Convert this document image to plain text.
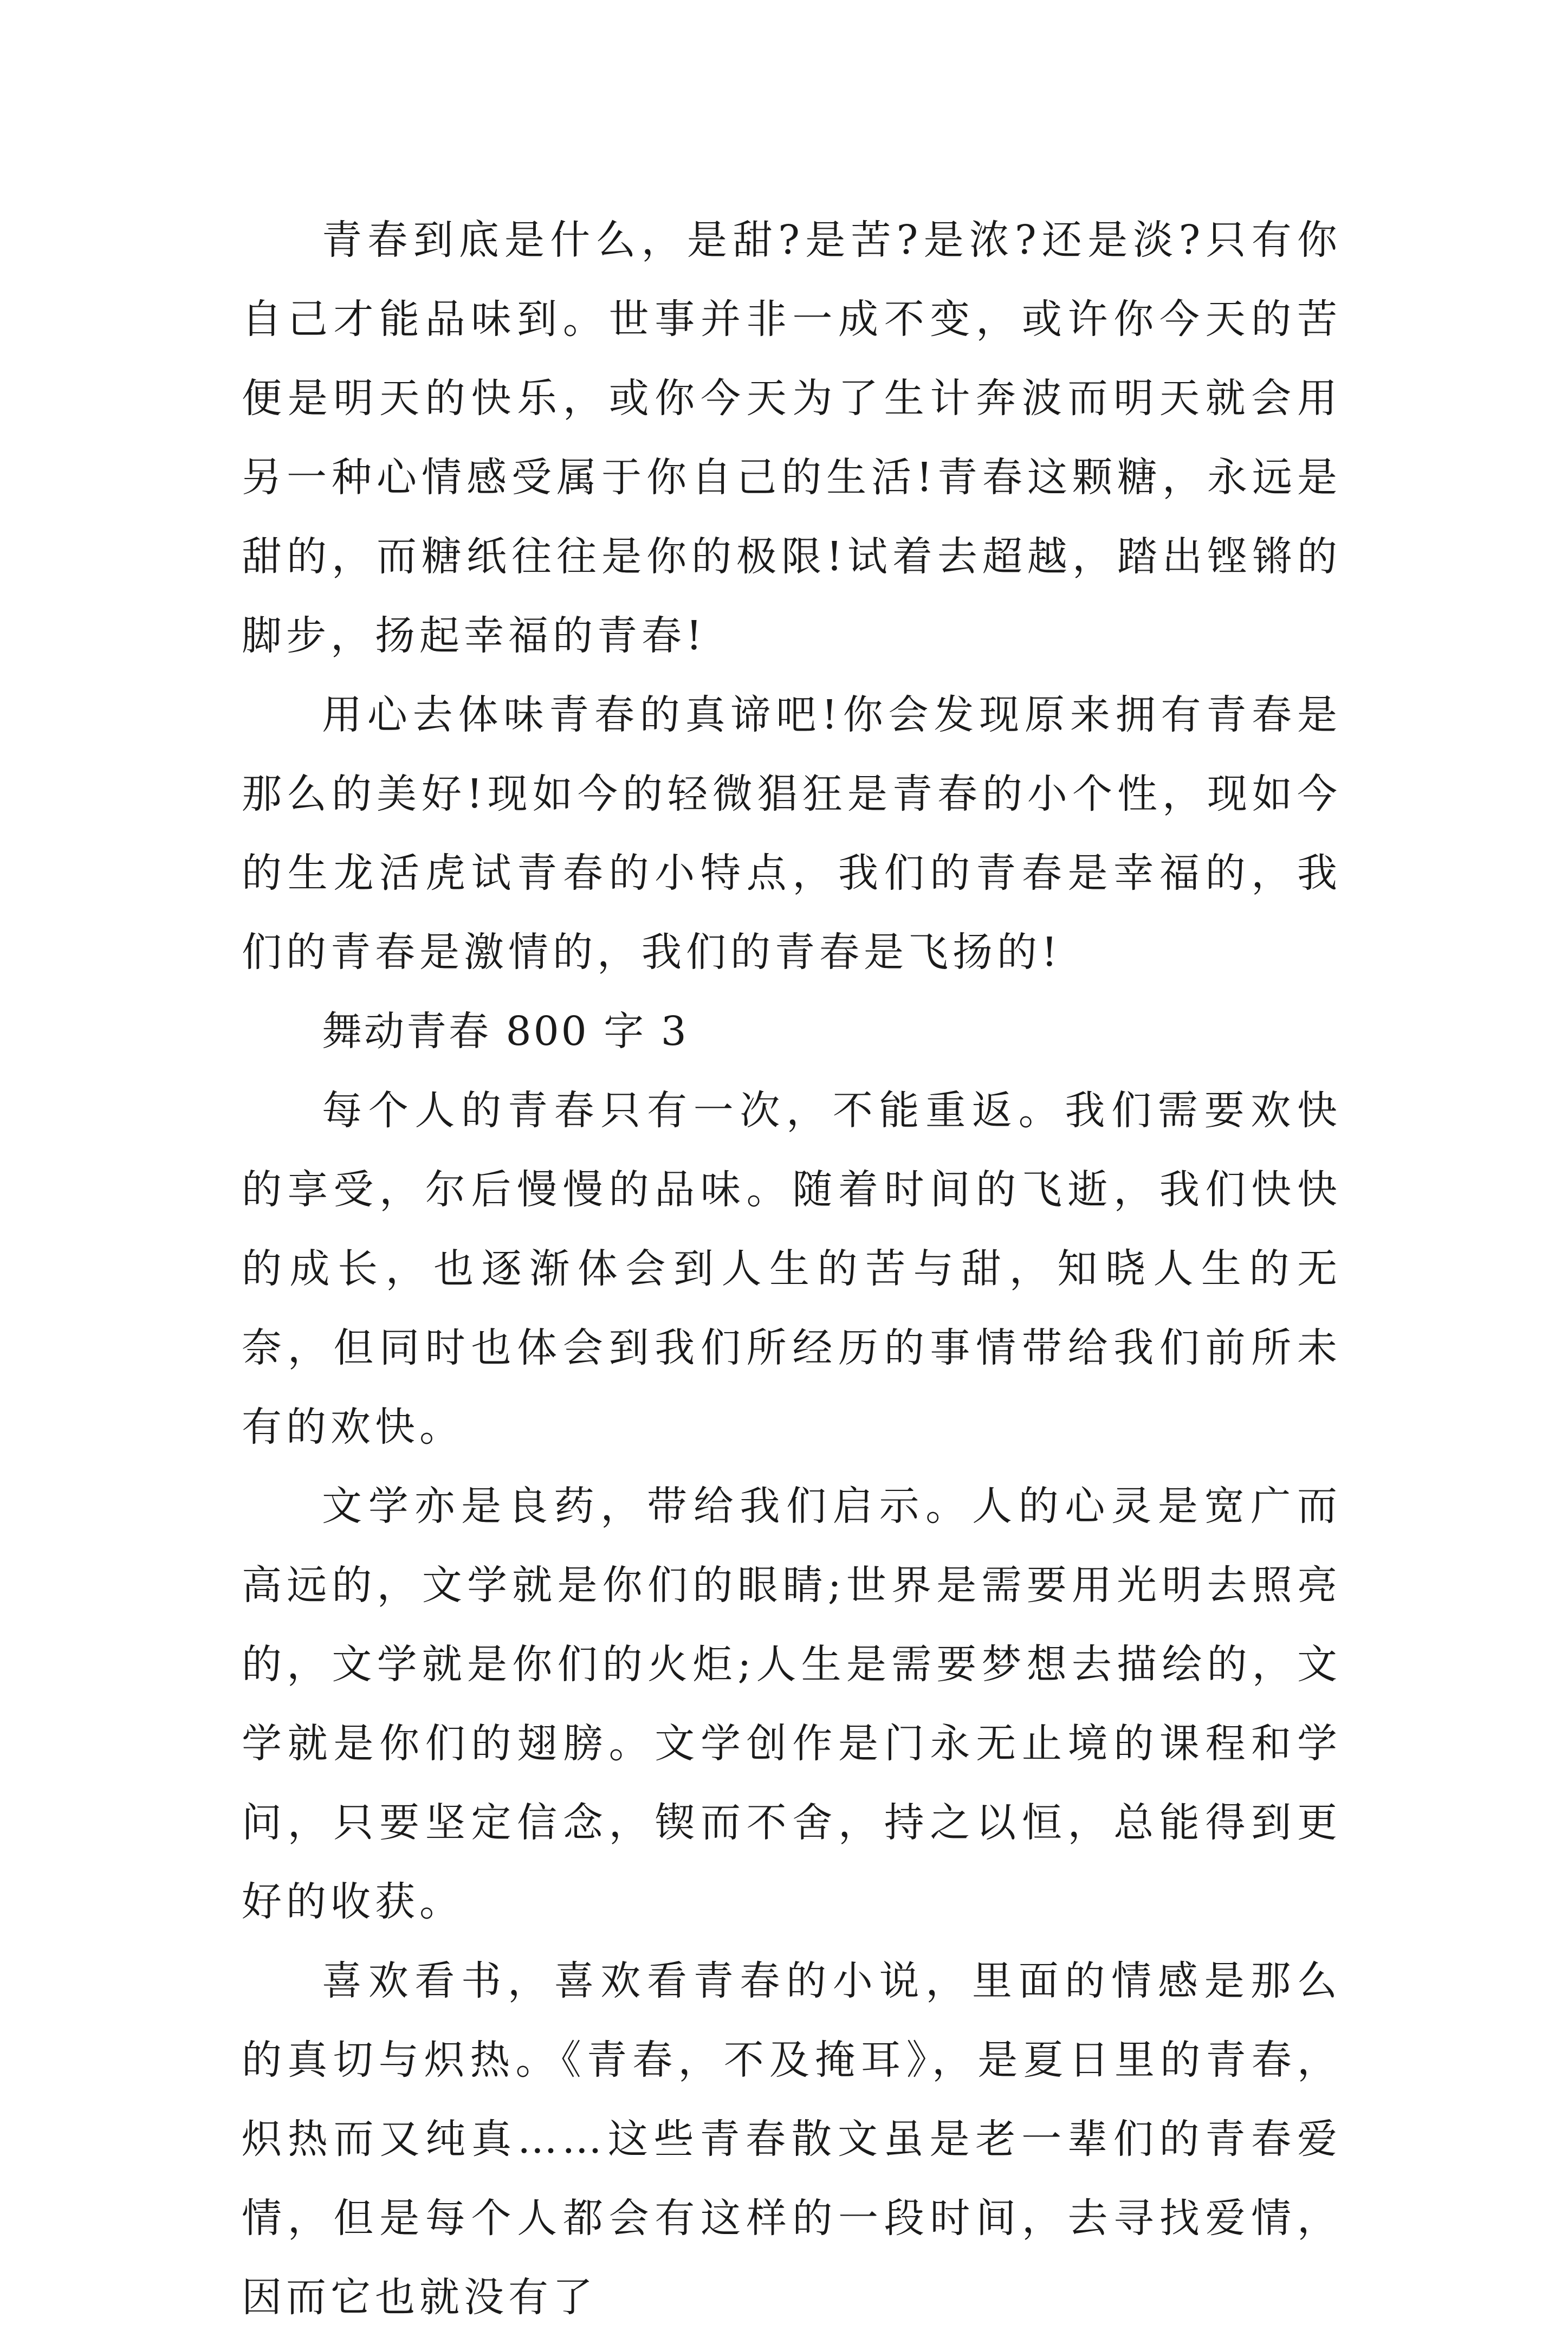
青春到底是什么，是甜?是苦?是浓?还是淡?只有你自己才能品味到。世事并非一成不变，或许你今天的苦便是明天的快乐，或你今天为了生计奔波而明天就会用另一种心情感受属于你自己的生活!青春这颗糖，永远是甜的，而糖纸往往是你的极限!试着去超越，踏出铿锵的脚步，扬起幸福的青春!

用心去体味青春的真谛吧!你会发现原来拥有青春是那么的美好!现如今的轻微猖狂是青春的小个性，现如今的生龙活虎试青春的小特点，我们的青春是幸福的，我们的青春是激情的，我们的青春是飞扬的!

舞动青春 800 字 3

每个人的青春只有一次，不能重返。我们需要欢快的享受，尔后慢慢的品味。随着时间的飞逝，我们快快的成长，也逐渐体会到人生的苦与甜，知晓人生的无奈，但同时也体会到我们所经历的事情带给我们前所未有的欢快。

文学亦是良药，带给我们启示。人的心灵是宽广而高远的，文学就是你们的眼睛;世界是需要用光明去照亮的，文学就是你们的火炬;人生是需要梦想去描绘的，文学就是你们的翅膀。文学创作是门永无止境的课程和学问，只要坚定信念，锲而不舍，持之以恒，总能得到更好的收获。

喜欢看书，喜欢看青春的小说，里面的情感是那么的真切与炽热。《青春，不及掩耳》，是夏日里的青春，炽热而又纯真……这些青春散文虽是老一辈们的青春爱情，但是每个人都会有这样的一段时间，去寻找爱情，因而它也就没有了
